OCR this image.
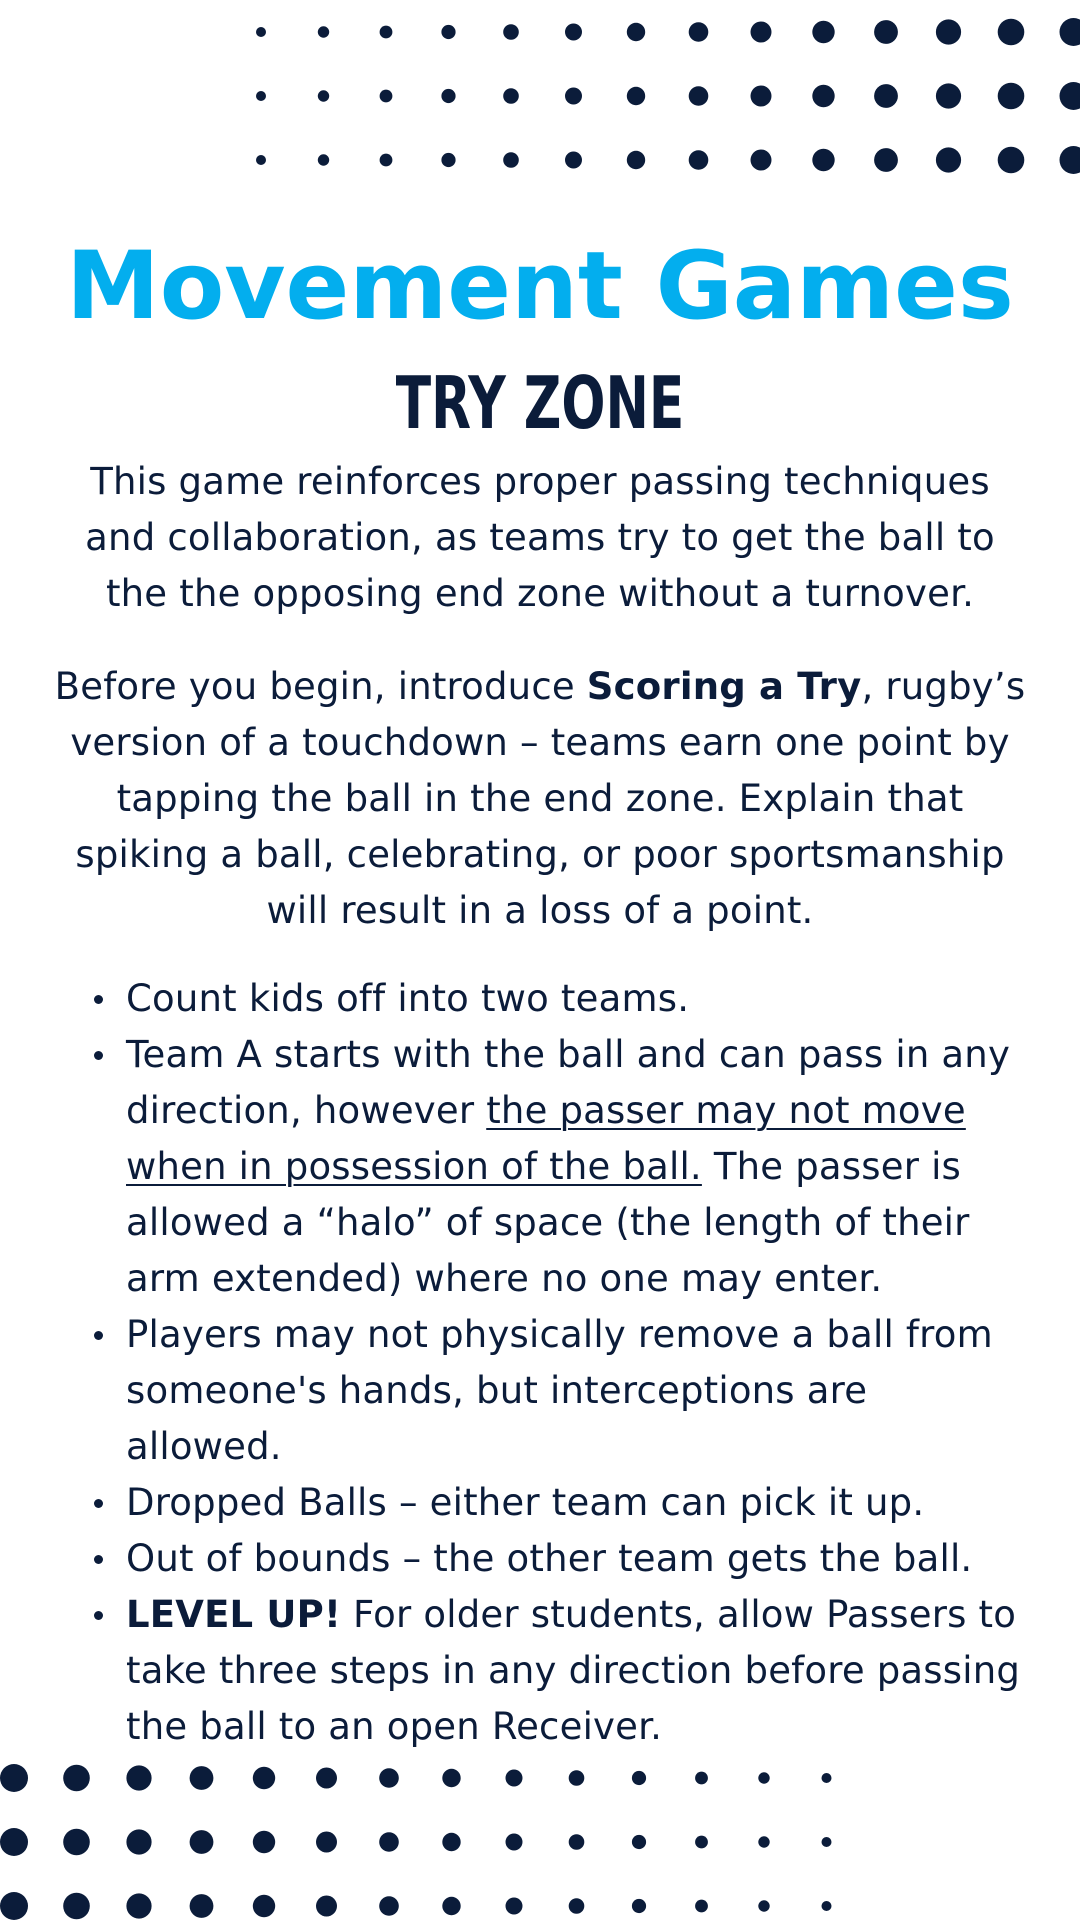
Movement Games
TRY ZONE

This game reinforces proper passing techniques and collaboration, as teams try to get the ball to the the opposing end zone without a turnover.

Before you begin, introduce Scoring a Try, rugby’s version of a touchdown – teams earn one point by tapping the ball in the end zone. Explain that spiking a ball, celebrating, or poor sportsmanship will result in a loss of a point.

Count kids off into two teams.
Team A starts with the ball and can pass in any direction, however the passer may not move when in possession of the ball. The passer is allowed a “halo” of space (the length of their arm extended) where no one may enter.
Players may not physically remove a ball from someone's hands, but interceptions are allowed.
Dropped Balls – either team can pick it up.
Out of bounds – the other team gets the ball.
LEVEL UP! For older students, allow Passers to take three steps in any direction before passing the ball to an open Receiver.
